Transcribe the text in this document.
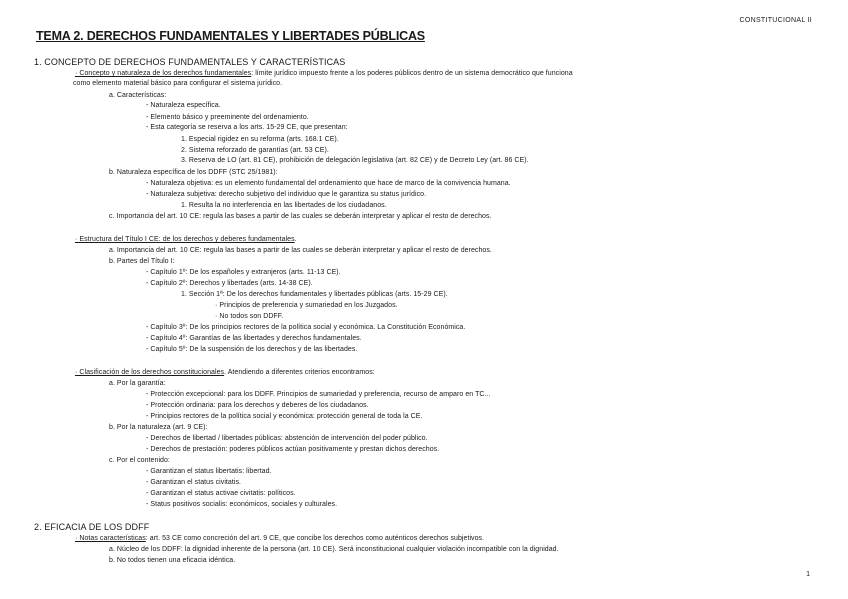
CONSTITUCIONAL II
TEMA 2. DERECHOS FUNDAMENTALES Y LIBERTADES PÚBLICAS
1. CONCEPTO DE DERECHOS FUNDAMENTALES Y CARACTERÍSTICAS
· Concepto y naturaleza de los derechos fundamentales: límite jurídico impuesto frente a los poderes públicos dentro de un sistema democrático que funciona
como elemento material básico para configurar el sistema jurídico.
a. Características:
- Naturaleza específica.
- Elemento básico y preeminente del ordenamiento.
- Esta categoría se reserva a los arts. 15-29 CE, que presentan:
1. Especial rigidez en su reforma (arts. 168.1 CE).
2. Sistema reforzado de garantías (art. 53 CE).
3. Reserva de LO (art. 81 CE), prohibición de delegación legislativa (art. 82 CE) y de Decreto Ley (art. 86 CE).
b. Naturaleza específica de los DDFF (STC 25/1981):
- Naturaleza objetiva: es un elemento fundamental del ordenamiento que hace de marco de la convivencia humana.
- Naturaleza subjetiva: derecho subjetivo del individuo que le garantiza su status jurídico.
1. Resulta la no interferencia en las libertades de los ciudadanos.
c. Importancia del art. 10 CE: regula las bases a partir de las cuales se deberán interpretar y aplicar el resto de derechos.
· Estructura del Título I CE: de los derechos y deberes fundamentales.
a. Importancia del art. 10 CE: regula las bases a partir de las cuales se deberán interpretar y aplicar el resto de derechos.
b. Partes del Título I:
- Capítulo 1º: De los españoles y extranjeros (arts. 11-13 CE).
- Capítulo 2º: Derechos y libertades (arts. 14-38 CE).
1. Sección 1ª: De los derechos fundamentales y libertades públicas (arts. 15-29 CE).
· Principios de preferencia y sumariedad en los Juzgados.
· No todos son DDFF.
- Capítulo 3º: De los principios rectores de la política social y económica. La Constitución Económica.
- Capítulo 4º: Garantías de las libertades y derechos fundamentales.
- Capítulo 5º: De la suspensión de los derechos y de las libertades.
· Clasificación de los derechos constitucionales. Atendiendo a diferentes criterios encontramos:
a. Por la garantía:
- Protección excepcional: para los DDFF. Principios de sumariedad y preferencia, recurso de amparo en TC...
- Protección ordinaria: para los derechos y deberes de los ciudadanos.
- Principios rectores de la política social y económica: protección general de toda la CE.
b. Por la naturaleza (art. 9 CE):
- Derechos de libertad / libertades públicas: abstención de intervención del poder público.
- Derechos de prestación: poderes públicos actúan positivamente y prestan dichos derechos.
c. Por el contenido:
- Garantizan el status libertatis: libertad.
- Garantizan el status civitatis.
- Garantizan el status activae civitatis: políticos.
- Status positivos socialis: económicos, sociales y culturales.
2. EFICACIA DE LOS DDFF
· Notas características: art. 53 CE como concreción del art. 9 CE, que concibe los derechos como auténticos derechos subjetivos.
a. Núcleo de los DDFF: la dignidad inherente de la persona (art. 10 CE). Será inconstitucional cualquier violación incompatible con la dignidad.
b. No todos tienen una eficacia idéntica.
1
